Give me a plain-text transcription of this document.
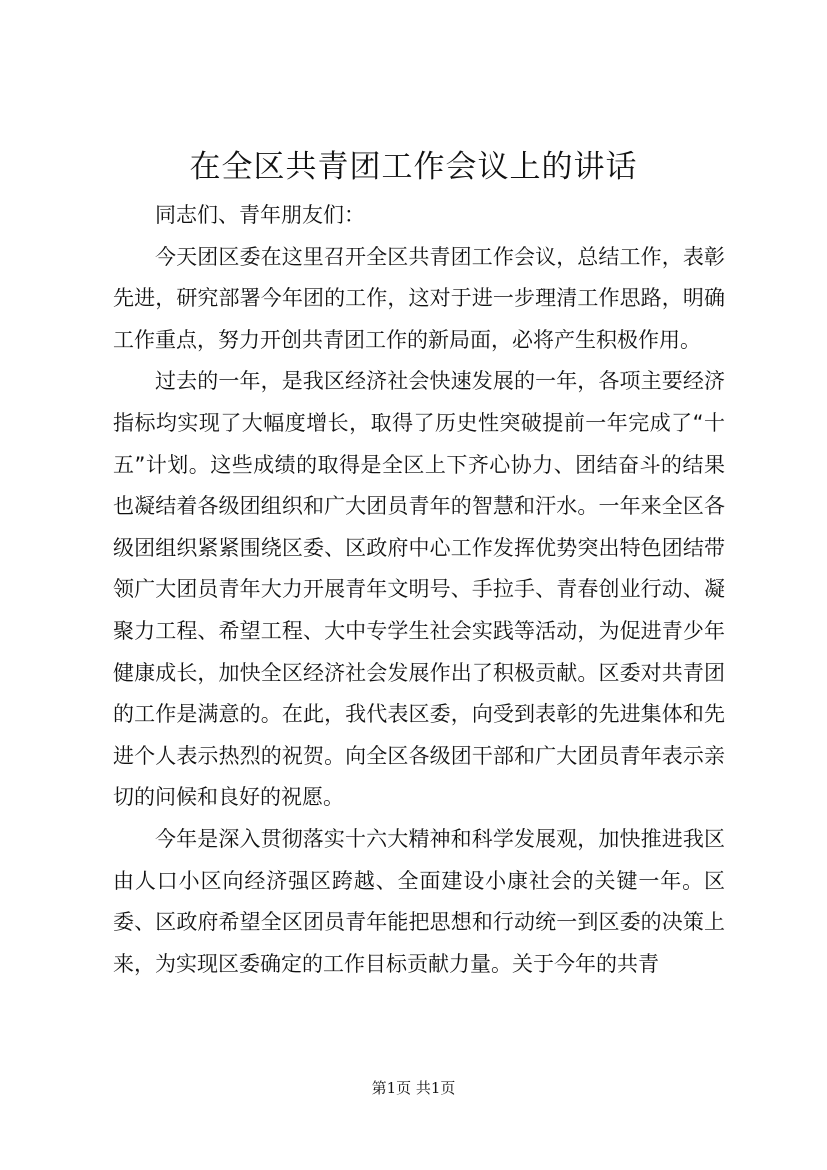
在全区共青团工作会议上的讲话

同志们、青年朋友们：

今天团区委在这里召开全区共青团工作会议，总结工作，表彰先进，研究部署今年团的工作，这对于进一步理清工作思路，明确工作重点，努力开创共青团工作的新局面，必将产生积极作用。

过去的一年，是我区经济社会快速发展的一年，各项主要经济指标均实现了大幅度增长，取得了历史性突破提前一年完成了“十五”计划。这些成绩的取得是全区上下齐心协力、团结奋斗的结果也凝结着各级团组织和广大团员青年的智慧和汗水。一年来全区各级团组织紧紧围绕区委、区政府中心工作发挥优势突出特色团结带领广大团员青年大力开展青年文明号、手拉手、青春创业行动、凝聚力工程、希望工程、大中专学生社会实践等活动，为促进青少年健康成长，加快全区经济社会发展作出了积极贡献。区委对共青团的工作是满意的。在此，我代表区委，向受到表彰的先进集体和先进个人表示热烈的祝贺。向全区各级团干部和广大团员青年表示亲切的问候和良好的祝愿。

今年是深入贯彻落实十六大精神和科学发展观，加快推进我区由人口小区向经济强区跨越、全面建设小康社会的关键一年。区委、区政府希望全区团员青年能把思想和行动统一到区委的决策上来，为实现区委确定的工作目标贡献力量。关于今年的共青

第1页 共1页
